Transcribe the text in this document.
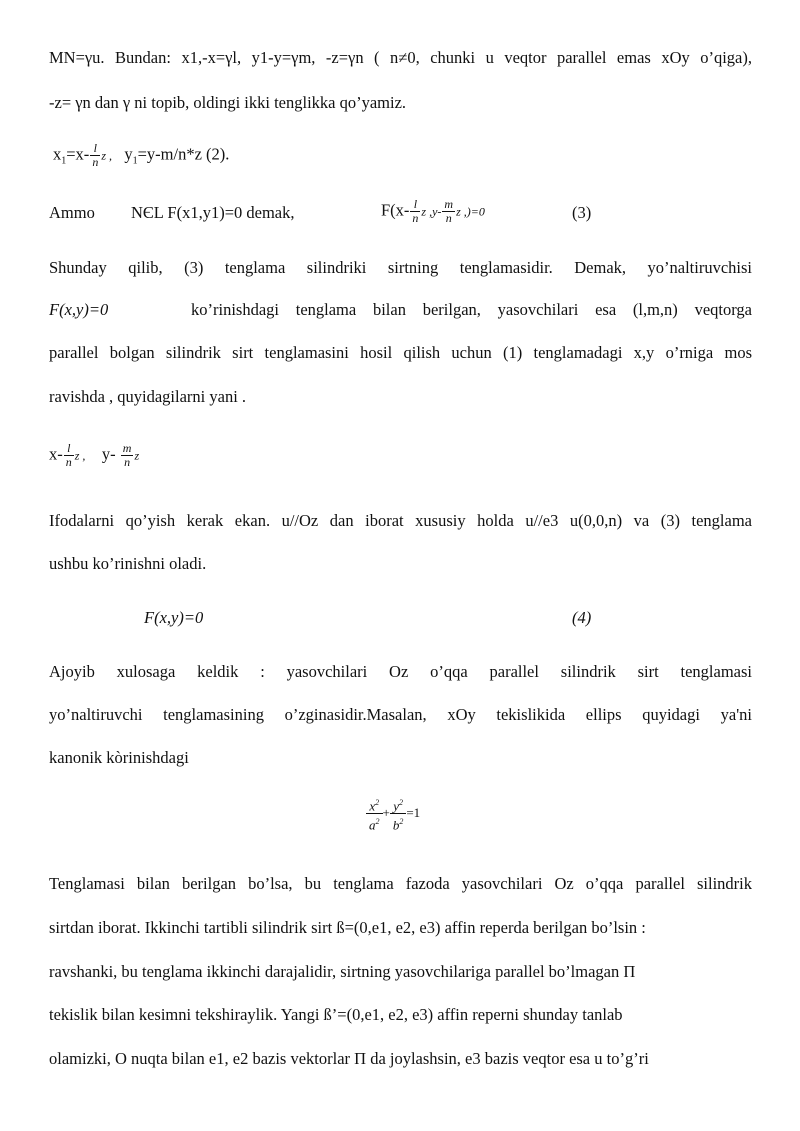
MN=γu. Bundan: x1,-x=γl, y1-y=γm, -z=γn ( n≠0, chunki u veqtor parallel emas xOy o’qiga),
-z= γn dan γ ni topib, oldingi ikki tenglikka qo’yamiz.
$x_1=x- \frac{l}{n}$ z , $y_1=y-m/n*z$ (2).
Ammo NЄL F(x1,y1)=0 demak,	$F(x- \frac{l}{n}$ z $,y- \frac{m}{n}$ z ,)=0	(3)
Shunday qilib, (3) tenglama silindriki sirtning tenglamasidir. Demak, yo’naltiruvchisi
F(x,y)=0	ko’rinishdagi tenglama bilan berilgan, yasovchilari esa (l,m,n) veqtorga
parallel bolgan silindrik sirt tenglamasini hosil qilish uchun (1) tenglamadagi x,y o’rniga mos
ravishda , quyidagilarni yani .
$x- \frac{l}{n}$ z , $y- \frac{m}{n}$ z
Ifodalarni qo’yish kerak ekan. u//Oz dan iborat xususiy holda u//e3 u(0,0,n) va (3) tenglama
ushbu ko’rinishni oladi.
F(x,y)=0	(4)
Ajoyib xulosaga keldik : yasovchilari Oz o’qqa parallel silindrik sirt tenglamasi
yo’naltiruvchi tenglamasining o’zginasidir.Masalan, xOy tekislikida ellips quyidagi ya'ni
kanonik kòrinishdagi
$\frac{x^2}{a^2} + \frac{y^2}{b^2} =1$
Tenglamasi bilan berilgan bo’lsa, bu tenglama fazoda yasovchilari Oz o’qqa parallel silindrik
sirtdan iborat. Ikkinchi tartibli silindrik sirt ß=(0,e1, e2, e3) affin reperda berilgan bo’lsin :
ravshanki, bu tenglama ikkinchi darajalidir, sirtning yasovchilariga parallel bo’lmagan Π
tekislik bilan kesimni tekshiraylik. Yangi ß’=(0,e1, e2, e3) affin reperni shunday tanlab
olamizki, O nuqta bilan e1, e2 bazis vektorlar Π da joylashsin, e3 bazis veqtor esa u to’g’ri
